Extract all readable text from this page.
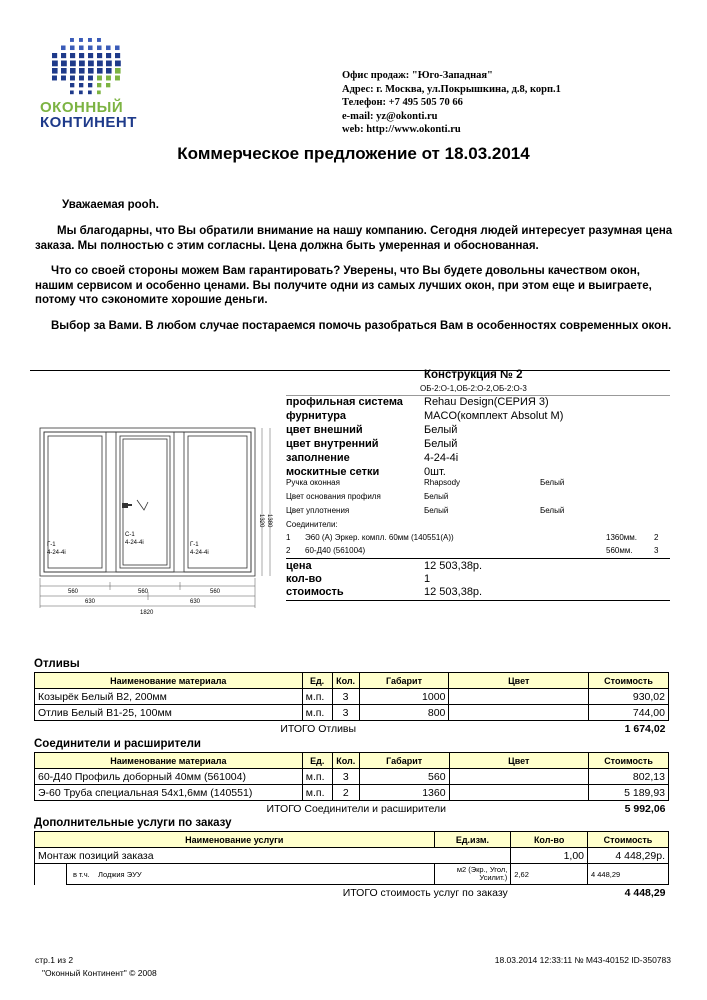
ОКОННЫЙ
КОНТИНЕНТ
Офис продаж: "Юго-Западная"
Адрес: г. Москва, ул.Покрышкина, д.8, корп.1
Телефон: +7 495 505 70 66
e-mail: yz@okonti.ru
web: http://www.okonti.ru
Коммерческое предложение от 18.03.2014
Уважаемая pooh.
Мы благодарны, что Вы обратили внимание на нашу компанию. Сегодня людей интересует разумная цена заказа. Мы полностью с этим согласны. Цена должна быть умеренная и обоснованная.
Что со своей стороны можем Вам гарантировать? Уверены, что Вы будете довольны качеством окон, нашим сервисом и особенно ценами. Вы получите одни из самых лучших окон, при этом еще и выиграете, потому что сэкономите хорошие деньги.
Выбор за Вами. В любом случае постараемся помочь разобраться Вам в особенностях современных окон.
Конструкция № 2
ОБ-2:О-1,ОБ-2:О-2,ОБ-2:О-3
профильная система Rehau Design(СЕРИЯ 3)
фурнитура	MACO(комплект Absolut M)
цвет внешний	Белый
цвет внутренний	Белый
заполнение	4-24-4i
москитные сетки	0шт.
Ручка оконная	Rhapsody	Белый
Цвет основания профиля	Белый
Цвет уплотнения	Белый	Белый
Соединители:
1 Э60 (А) Эркер. компл. 60мм (140551(А))	1360мм. 2
2 60-Д40 (561004)	560мм.	3
цена	12 503,38р.
кол-во	1
стоимость	12 503,38р.
Г-1
4-24-4i
С-1
4-24-4i	Г-1
4-24-4i
560	560	560
630	630
1820
1320 1380
Отливы
Наименование материала	Ед.	Кол.	Габарит	Цвет	Стоимость
Козырёк Белый В2, 200мм	м.п.	3	1000		930,02
Отлив Белый В1-25, 100мм	м.п.	3	800		744,00
ИТОГО Отливы					1 674,02
Соединители и расширители
Наименование материала	Ед.	Кол.	Габарит	Цвет	Стоимость
60-Д40 Профиль доборный 40мм (561004)	м.п.	3	560		802,13
Э-60 Труба специальная 54х1,6мм (140551)	м.п.	2	1360		5 189,93
ИТОГО Соединители и расширители					5 992,06
Дополнительные услуги по заказу
Наименование услуги		Ед.изм.	Кол-во	Стоимость
Монтаж позиций заказа			1,00	4 448,29р.
	в т.ч. Лоджия ЭУУ	м2 (Экр., Угол, Усилит.)	2,62	4 448,29
ИТОГО стоимость услуг по заказу				4 448,29
стр.1 из 2
"Оконный Континент" © 2008
18.03.2014 12:33:11 № М43-40152 ID-350783
